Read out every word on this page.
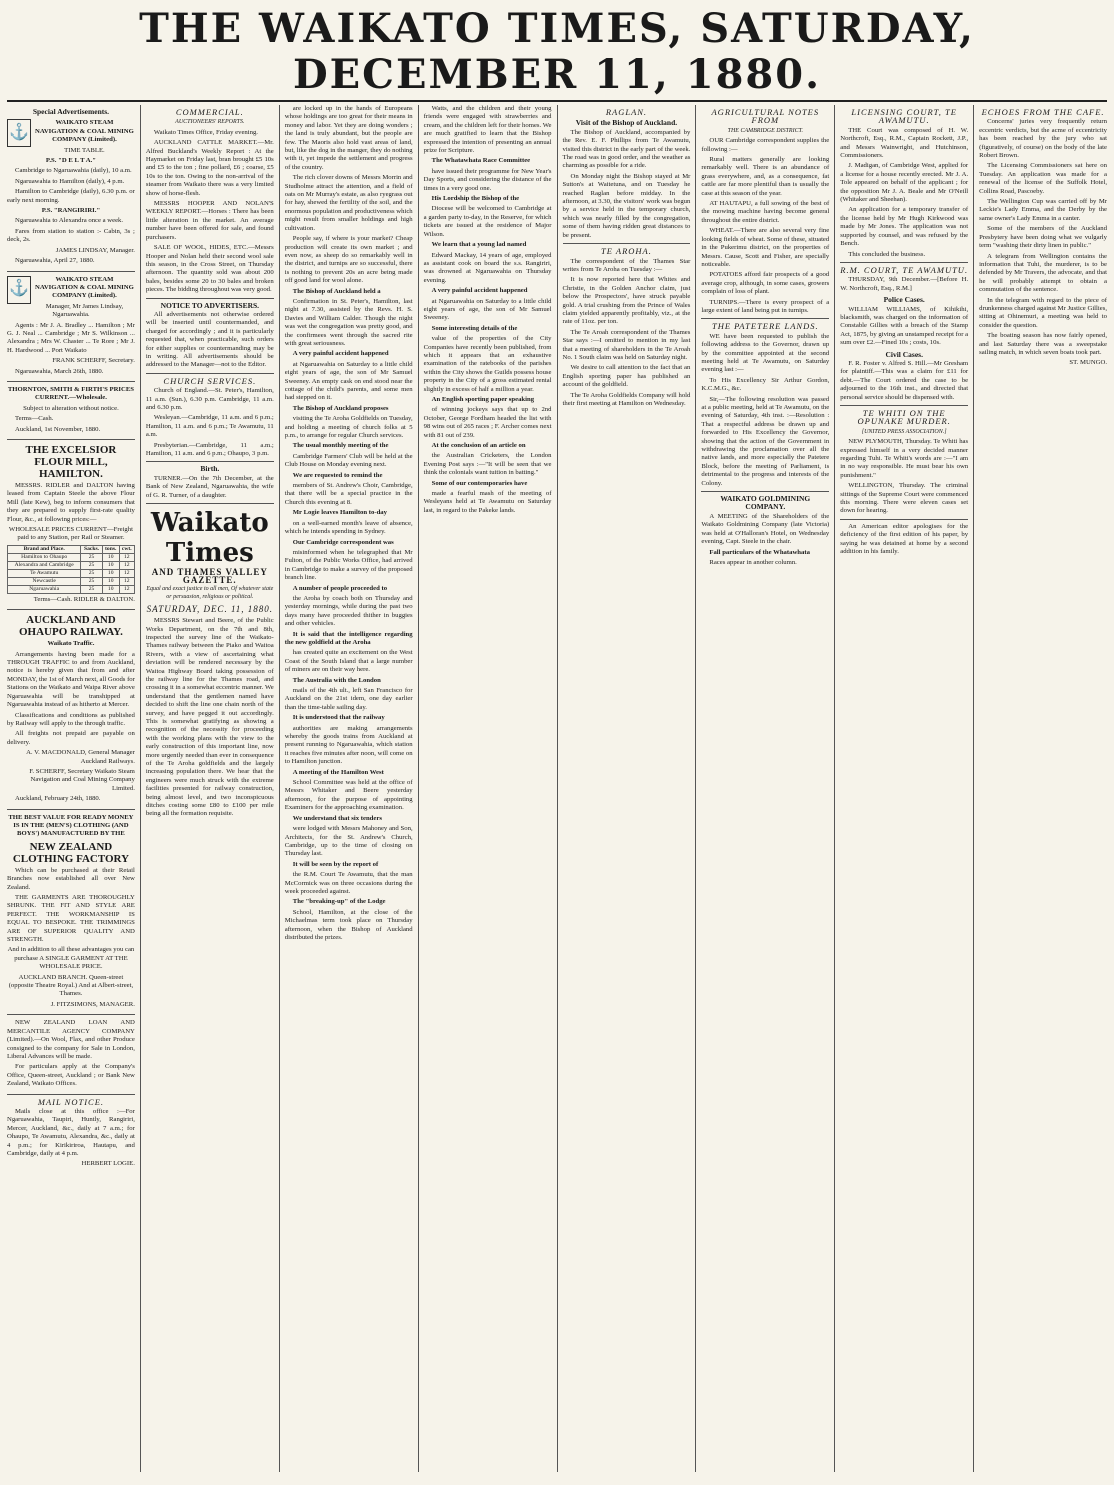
THE WAIKATO TIMES, SATURDAY, DECEMBER 11, 1880.
Special Advertisements.
⚓

WAIKATO STEAM NAVIGATION & COAL MINING COMPANY (Limited).

TIME TABLE.

P.S. "D E L T A."

Cambridge to Ngaruawahia (daily), 10 a.m.

Ngaruawahia to Hamilton (daily), 4 p.m.

Hamilton to Cambridge (daily), 6.30 p.m. or early next morning.

P.S. "RANGIRIRI."

Ngaruawahia to Alexandra once a week.

Fares from station to station :- Cabin, 3s ; deck, 2s.

JAMES LINDSAY, Manager.

Ngaruawahia, April 27, 1880.

⚓

WAIKATO STEAM NAVIGATION & COAL MINING COMPANY (Limited).

Manager, Mr James Lindsay, Ngaruawahia.

Agents : Mr J. A. Bradley ... Hamilton ; Mr G. J. Neal ... Cambridge ; Mr S. Wilkinson ... Alexandra ; Mrs W. Chaster ... Te Rore ; Mr J. H. Hardwood ... Port Waikato

FRANK SCHERFF, Secretary.

Ngaruawahia, March 26th, 1880.

THORNTON, SMITH & FIRTH'S PRICES CURRENT.—Wholesale.

Subject to alteration without notice.

Terms—Cash.

Auckland, 1st November, 1880.

THE EXCELSIOR FLOUR MILL, HAMILTON.

MESSRS. RIDLER and DALTON having leased from Captain Steele the above Flour Mill (late Kew), beg to inform consumers that they are prepared to supply first-rate quality Flour, &c., at following prices:—

WHOLESALE PRICES CURRENT—Freight paid to any Station, per Rail or Steamer.

Brand and Place.	Sacks.	tons.	cwt.
Hamilton to Ohaupo	25	10	12
Alexandra and Cambridge	25	10	12
Te Awamutu	25	10	12
Newcastle	25	10	12
Ngaruawahia	25	10	12

Terms—Cash. RIDLER & DALTON.

AUCKLAND AND OHAUPO RAILWAY.

Waikato Traffic.

Arrangements having been made for a THROUGH TRAFFIC to and from Auckland, notice is hereby given that from and after MONDAY, the 1st of March next, all Goods for Stations on the Waikato and Waipa River above Ngaruawahia will be transhipped at Ngaruawahia instead of as hitherto at Mercer.

Classifications and conditions as published by Railway will apply to the through traffic.

All freights not prepaid are payable on delivery.

A. V. MACDONALD, General Manager Auckland Railways.

F. SCHERFF, Secretary Waikato Steam Navigation and Coal Mining Company Limited.

Auckland, February 24th, 1880.

THE BEST VALUE FOR READY MONEY IS IN THE (MEN'S) CLOTHING (AND BOYS') MANUFACTURED BY THE

NEW ZEALAND CLOTHING FACTORY

Which can be purchased at their Retail Branches now established all over New Zealand.

THE GARMENTS ARE THOROUGHLY SHRUNK. THE FIT AND STYLE ARE PERFECT. THE WORKMANSHIP IS EQUAL TO BESPOKE. THE TRIMMINGS ARE OF SUPERIOR QUALITY AND STRENGTH.

And in addition to all these advantages you can purchase A SINGLE GARMENT AT THE WHOLESALE PRICE.

AUCKLAND BRANCH. Queen-street (opposite Theatre Royal.) And at Albert-street, Thames.

J. FITZSIMONS, MANAGER.

NEW ZEALAND LOAN AND MERCANTILE AGENCY COMPANY (Limited).—On Wool, Flax, and other Produce consigned to the company for Sale in London, Liberal Advances will be made.

For particulars apply at the Company's Office, Queen-street, Auckland ; or Bank New Zealand, Waikato Offices.

MAIL NOTICE.

Mails close at this office :—For Ngaruawahia, Taupiri, Huntly, Rangiriri, Mercer, Auckland, &c., daily at 7 a.m.; for Ohaupo, Te Awamutu, Alexandra, &c., daily at 4 p.m.; for Kirikiriroa, Hautapu, and Cambridge, daily at 4 p.m.

HERBERT LOGIE.

COMMERCIAL.
AUCTIONEERS' REPORTS.

Waikato Times Office, Friday evening.

AUCKLAND CATTLE MARKET.—Mr. Alfred Buckland's Weekly Report : At the Haymarket on Friday last, bran brought £5 10s and £5 to the ton ; fine pollard, £6 ; coarse, £5 10s to the ton. Owing to the non-arrival of the steamer from Waikato there was a very limited show of horse-flesh.

MESSRS HOOPER AND NOLAN'S WEEKLY REPORT.—Horses : There has been little alteration in the market. An average number have been offered for sale, and found purchasers.

SALE OF WOOL, HIDES, ETC.—Messrs Hooper and Nolan held their second wool sale this season, in the Cross Street, on Thursday afternoon. The quantity sold was about 200 bales, besides some 20 to 30 bales and broken pieces. The bidding throughout was very good.

NOTICE TO ADVERTISERS.

All advertisements not otherwise ordered will be inserted until countermanded, and charged for accordingly ; and it is particularly requested that, when practicable, such orders for either supplies or countermanding may be in writing. All advertisements should be addressed to the Manager—not to the Editor.

CHURCH SERVICES.

Church of England.—St. Peter's, Hamilton, 11 a.m. (Sun.), 6.30 p.m. Cambridge, 11 a.m. and 6.30 p.m.

Wesleyan.—Cambridge, 11 a.m. and 6 p.m.; Hamilton, 11 a.m. and 6 p.m.; Te Awamutu, 11 a.m.

Presbyterian.—Cambridge, 11 a.m.; Hamilton, 11 a.m. and 6 p.m.; Ohaupo, 3 p.m.

Birth.

TURNER.—On the 7th December, at the Bank of New Zealand, Ngaruawahia, the wife of G. R. Turner, of a daughter.

Waikato Times
AND THAMES VALLEY GAZETTE.
Equal and exact justice to all men, Of whatever state or persuasion, religious or political.
SATURDAY, DEC. 11, 1880.

MESSRS Stewart and Beere, of the Public Works Department, on the 7th and 8th, inspected the survey line of the Waikato-Thames railway between the Piako and Waitoa Rivers, with a view of ascertaining what deviation will be rendered necessary by the Waitoa Highway Board taking possession of the railway line for the Thames road, and crossing it in a somewhat eccentric manner. We understand that the gentlemen named have decided to shift the line one chain north of the survey, and have pegged it out accordingly. This is somewhat gratifying as showing a recognition of the necessity for proceeding with the working plans with the view to the early construction of this important line, now more urgently needed than ever in consequence of the Te Aroha goldfields and the largely increasing population there. We hear that the engineers were much struck with the extreme facilities presented for railway construction, being almost level, and two inconspicuous ditches costing some £80 to £100 per mile being all the formation requisite.

are locked up in the hands of Europeans whose holdings are too great for their means in money and labor. Yet they are doing wonders ; the land is truly abundant, but the people are few. The Maoris also hold vast areas of land, but, like the dog in the manger, they do nothing with it, yet impede the settlement and progress of the country.

The rich clover downs of Messrs Morrin and Studholme attract the attention, and a field of oats on Mr Murray's estate, as also ryegrass out for hay, shewed the fertility of the soil, and the enormous population and productiveness which might result from smaller holdings and high cultivation.

People say, if where is your market? Cheap production will create its own market ; and even now, as sheep do so remarkably well in the district, and turnips are so successful, there is nothing to prevent 20s an acre being made off good land for wool alone.

The Bishop of Auckland held a

Confirmation in St. Peter's, Hamilton, last night at 7.30, assisted by the Revs. H. S. Davies and William Calder. Though the night was wet the congregation was pretty good, and the confirmees went through the sacred rite with great seriousness.

A very painful accident happened

at Ngaruawahia on Saturday to a little child eight years of age, the son of Mr Samuel Sweeney. An empty cask on end stood near the cottage of the child's parents, and some men had stepped on it.

The Bishop of Auckland proposes

visiting the Te Aroha Goldfields on Tuesday, and holding a meeting of church folks at 5 p.m., to arrange for regular Church services.

The usual monthly meeting of the

Cambridge Farmers' Club will be held at the Club House on Monday evening next.

We are requested to remind the

members of St. Andrew's Choir, Cambridge, that there will be a special practice in the Church this evening at 8.

Mr Logie leaves Hamilton to-day

on a well-earned month's leave of absence, which he intends spending in Sydney.

Our Cambridge correspondent was

misinformed when he telegraphed that Mr Fulton, of the Public Works Office, had arrived in Cambridge to make a survey of the proposed branch line.

A number of people proceeded to

the Aroha by coach both on Thursday and yesterday mornings, while during the past two days many have proceeded thither in buggies and other vehicles.

It is said that the intelligence regarding the new goldfield at the Aroha

has created quite an excitement on the West Coast of the South Island that a large number of miners are on their way here.

The Australia with the London

mails of the 4th ult., left San Francisco for Auckland on the 21st idem, one day earlier than the time-table sailing day.

It is understood that the railway

authorities are making arrangements whereby the goods trains from Auckland at present running to Ngaruawahia, which station it reaches five minutes after noon, will come on to Hamilton junction.

A meeting of the Hamilton West

School Committee was held at the office of Messrs Whitaker and Beere yesterday afternoon, for the purpose of appointing Examiners for the approaching examination.

We understand that six tenders

were lodged with Messrs Mahoney and Son, Architects, for the St. Andrew's Church, Cambridge, up to the time of closing on Thursday last.

It will be seen by the report of

the R.M. Court Te Awamutu, that the man McCormick was on three occasions during the week proceeded against.

The "breaking-up" of the Lodge

School, Hamilton, at the close of the Michaelmas term took place on Thursday afternoon, when the Bishop of Auckland distributed the prizes.

Watts, and the children and their young friends were engaged with strawberries and cream, and the children left for their homes. We are much gratified to learn that the Bishop expressed the intention of presenting an annual prize for Scripture.

The Whatawhata Race Committee

have issued their programme for New Year's Day Sports, and considering the distance of the times in a very good one.

His Lordship the Bishop of the

Diocese will be welcomed to Cambridge at a garden party to-day, in the Reserve, for which tickets are issued at the residence of Major Wilson.

We learn that a young lad named

Edward Mackay, 14 years of age, employed as assistant cook on board the s.s. Rangiriri, was drowned at Ngaruawahia on Thursday evening.

A very painful accident happened

at Ngaruawahia on Saturday to a little child eight years of age, the son of Mr Samuel Sweeney.

Some interesting details of the

value of the properties of the City Companies have recently been published, from which it appears that an exhaustive examination of the ratebooks of the parishes within the City shows the Guilds possess house property in the City of a gross estimated rental slightly in excess of half a million a year.

An English sporting paper speaking

of winning jockeys says that up to 2nd October, George Fordham headed the list with 98 wins out of 265 races ; F. Archer comes next with 81 out of 239.

At the conclusion of an article on

the Australian Cricketers, the London Evening Post says :—"It will be seen that we think the colonials want tuition in batting."

Some of our contemporaries have

made a fearful mash of the meeting of Wesleyans held at Te Awamutu on Saturday last, in regard to the Pakeke lands.

RAGLAN.
Visit of the Bishop of Auckland.

The Bishop of Auckland, accompanied by the Rev. E. F. Phillips from Te Awamutu, visited this district in the early part of the week. The road was in good order, and the weather as charming as possible for a ride.

On Monday night the Bishop stayed at Mr Sutton's at Waitetuna, and on Tuesday he reached Raglan before midday. In the afternoon, at 3.30, the visitors' work was begun by a service held in the temporary church, which was nearly filled by the congregation, some of them having ridden great distances to be present.

TE AROHA.

The correspondent of the Thames Star writes from Te Aroha on Tuesday :—

It is now reported here that Whites and Christie, in the Golden Anchor claim, just below the Prospectors', have struck payable gold. A trial crushing from the Prince of Wales claim yielded apparently profitably, viz., at the rate of 11oz. per ton.

The Te Aroah correspondent of the Thames Star says :—I omitted to mention in my last that a meeting of shareholders in the Te Aroah No. 1 South claim was held on Saturday night.

We desire to call attention to the fact that an English sporting paper has published an account of the goldfield.

The Te Aroha Goldfields Company will hold their first meeting at Hamilton on Wednesday.

AGRICULTURAL NOTES FROM
THE CAMBRIDGE DISTRICT.

OUR Cambridge correspondent supplies the following :—

Rural matters generally are looking remarkably well. There is an abundance of grass everywhere, and, as a consequence, fat cattle are far more plentiful than is usually the case at this season of the year.

AT HAUTAPU, a full sowing of the best of the mowing machine having become general throughout the entire district.

WHEAT.—There are also several very fine looking fields of wheat. Some of these, situated in the Pukerimu district, on the properties of Messrs. Cause, Scott and Fisher, are specially noticeable.

POTATOES afford fair prospects of a good average crop, although, in some cases, growers complain of loss of plant.

TURNIPS.—There is every prospect of a large extent of land being put in turnips.

THE PATETERE LANDS.

WE have been requested to publish the following address to the Governor, drawn up by the committee appointed at the second meeting held at Te Awamutu, on Saturday evening last :—

To His Excellency Sir Arthur Gordon, K.C.M.G., &c.

Sir,—The following resolution was passed at a public meeting, held at Te Awamutu, on the evening of Saturday, 4th inst. :—Resolution : That a respectful address be drawn up and forwarded to His Excellency the Governor, showing that the action of the Government in withdrawing the proclamation over all the native lands, and more especially the Patetere Block, before the meeting of Parliament, is detrimental to the progress and interests of the Colony.

WAIKATO GOLDMINING COMPANY.

A MEETING of the Shareholders of the Waikato Goldmining Company (late Victoria) was held at O'Halloran's Hotel, on Wednesday evening, Capt. Steele in the chair.

Fall particulars of the Whatawhata

Races appear in another column.

LICENSING COURT, TE AWAMUTU.

THE Court was composed of H. W. Northcroft, Esq., R.M., Captain Rockett, J.P., and Messrs Wainwright, and Hutchinson, Commissioners.

J. Madigan, of Cambridge West, applied for a license for a house recently erected. Mr J. A. Tole appeared on behalf of the applicant ; for the opposition Mr J. A. Beale and Mr O'Neill (Whitaker and Sheehan).

An application for a temporary transfer of the license held by Mr Hugh Kirkwood was made by Mr Jones. The application was not supported by counsel, and was refused by the Bench.

This concluded the business.

R.M. COURT, TE AWAMUTU.

THURSDAY, 9th December.—[Before H. W. Northcroft, Esq., R.M.]

Police Cases.

WILLIAM WILLIAMS, of Kihikihi, blacksmith, was charged on the information of Constable Gillies with a breach of the Stamp Act, 1875, by giving an unstamped receipt for a sum over £2.—Fined 10s ; costs, 10s.

Civil Cases.

F. R. Foster v. Alfred S. Hill.—Mr Gresham for plaintiff.—This was a claim for £11 for debt.—The Court ordered the case to be adjourned to the 16th inst., and directed that personal service should be dispensed with.

TE WHITI ON THE OPUNAKE MURDER.
[UNITED PRESS ASSOCIATION.]

NEW PLYMOUTH, Thursday. Te Whiti has expressed himself in a very decided manner regarding Tuhi. Te Whiti's words are :—"I am in no way responsible. He must bear his own punishment."

WELLINGTON, Thursday. The criminal sittings of the Supreme Court were commenced this morning. There were eleven cases set down for hearing.

An American editor apologises for the deficiency of the first edition of his paper, by saying he was detained at home by a second addition in his family.

ECHOES FROM THE CAFE.

Concerns' juries very frequently return eccentric verdicts, but the acme of eccentricity has been reached by the jury who sat (figuratively, of course) on the body of the late Robert Brown.

The Licensing Commissioners sat here on Tuesday. An application was made for a renewal of the license of the Suffolk Hotel, Collins Road, Pascoeby.

The Wellington Cup was carried off by Mr Leckie's Lady Emma, and the Derby by the same owner's Lady Emma in a canter.

Some of the members of the Auckland Presbytery have been doing what we vulgarly term "washing their dirty linen in public."

A telegram from Wellington contains the information that Tuhi, the murderer, is to be defended by Mr Travers, the advocate, and that he will probably attempt to obtain a commutation of the sentence.

In the telegram with regard to the piece of drunkenness charged against Mr Justice Gillies, sitting at Ohinemuri, a meeting was held to consider the question.

The boating season has now fairly opened, and last Saturday there was a sweepstake sailing match, in which seven boats took part.

ST. MUNGO.
